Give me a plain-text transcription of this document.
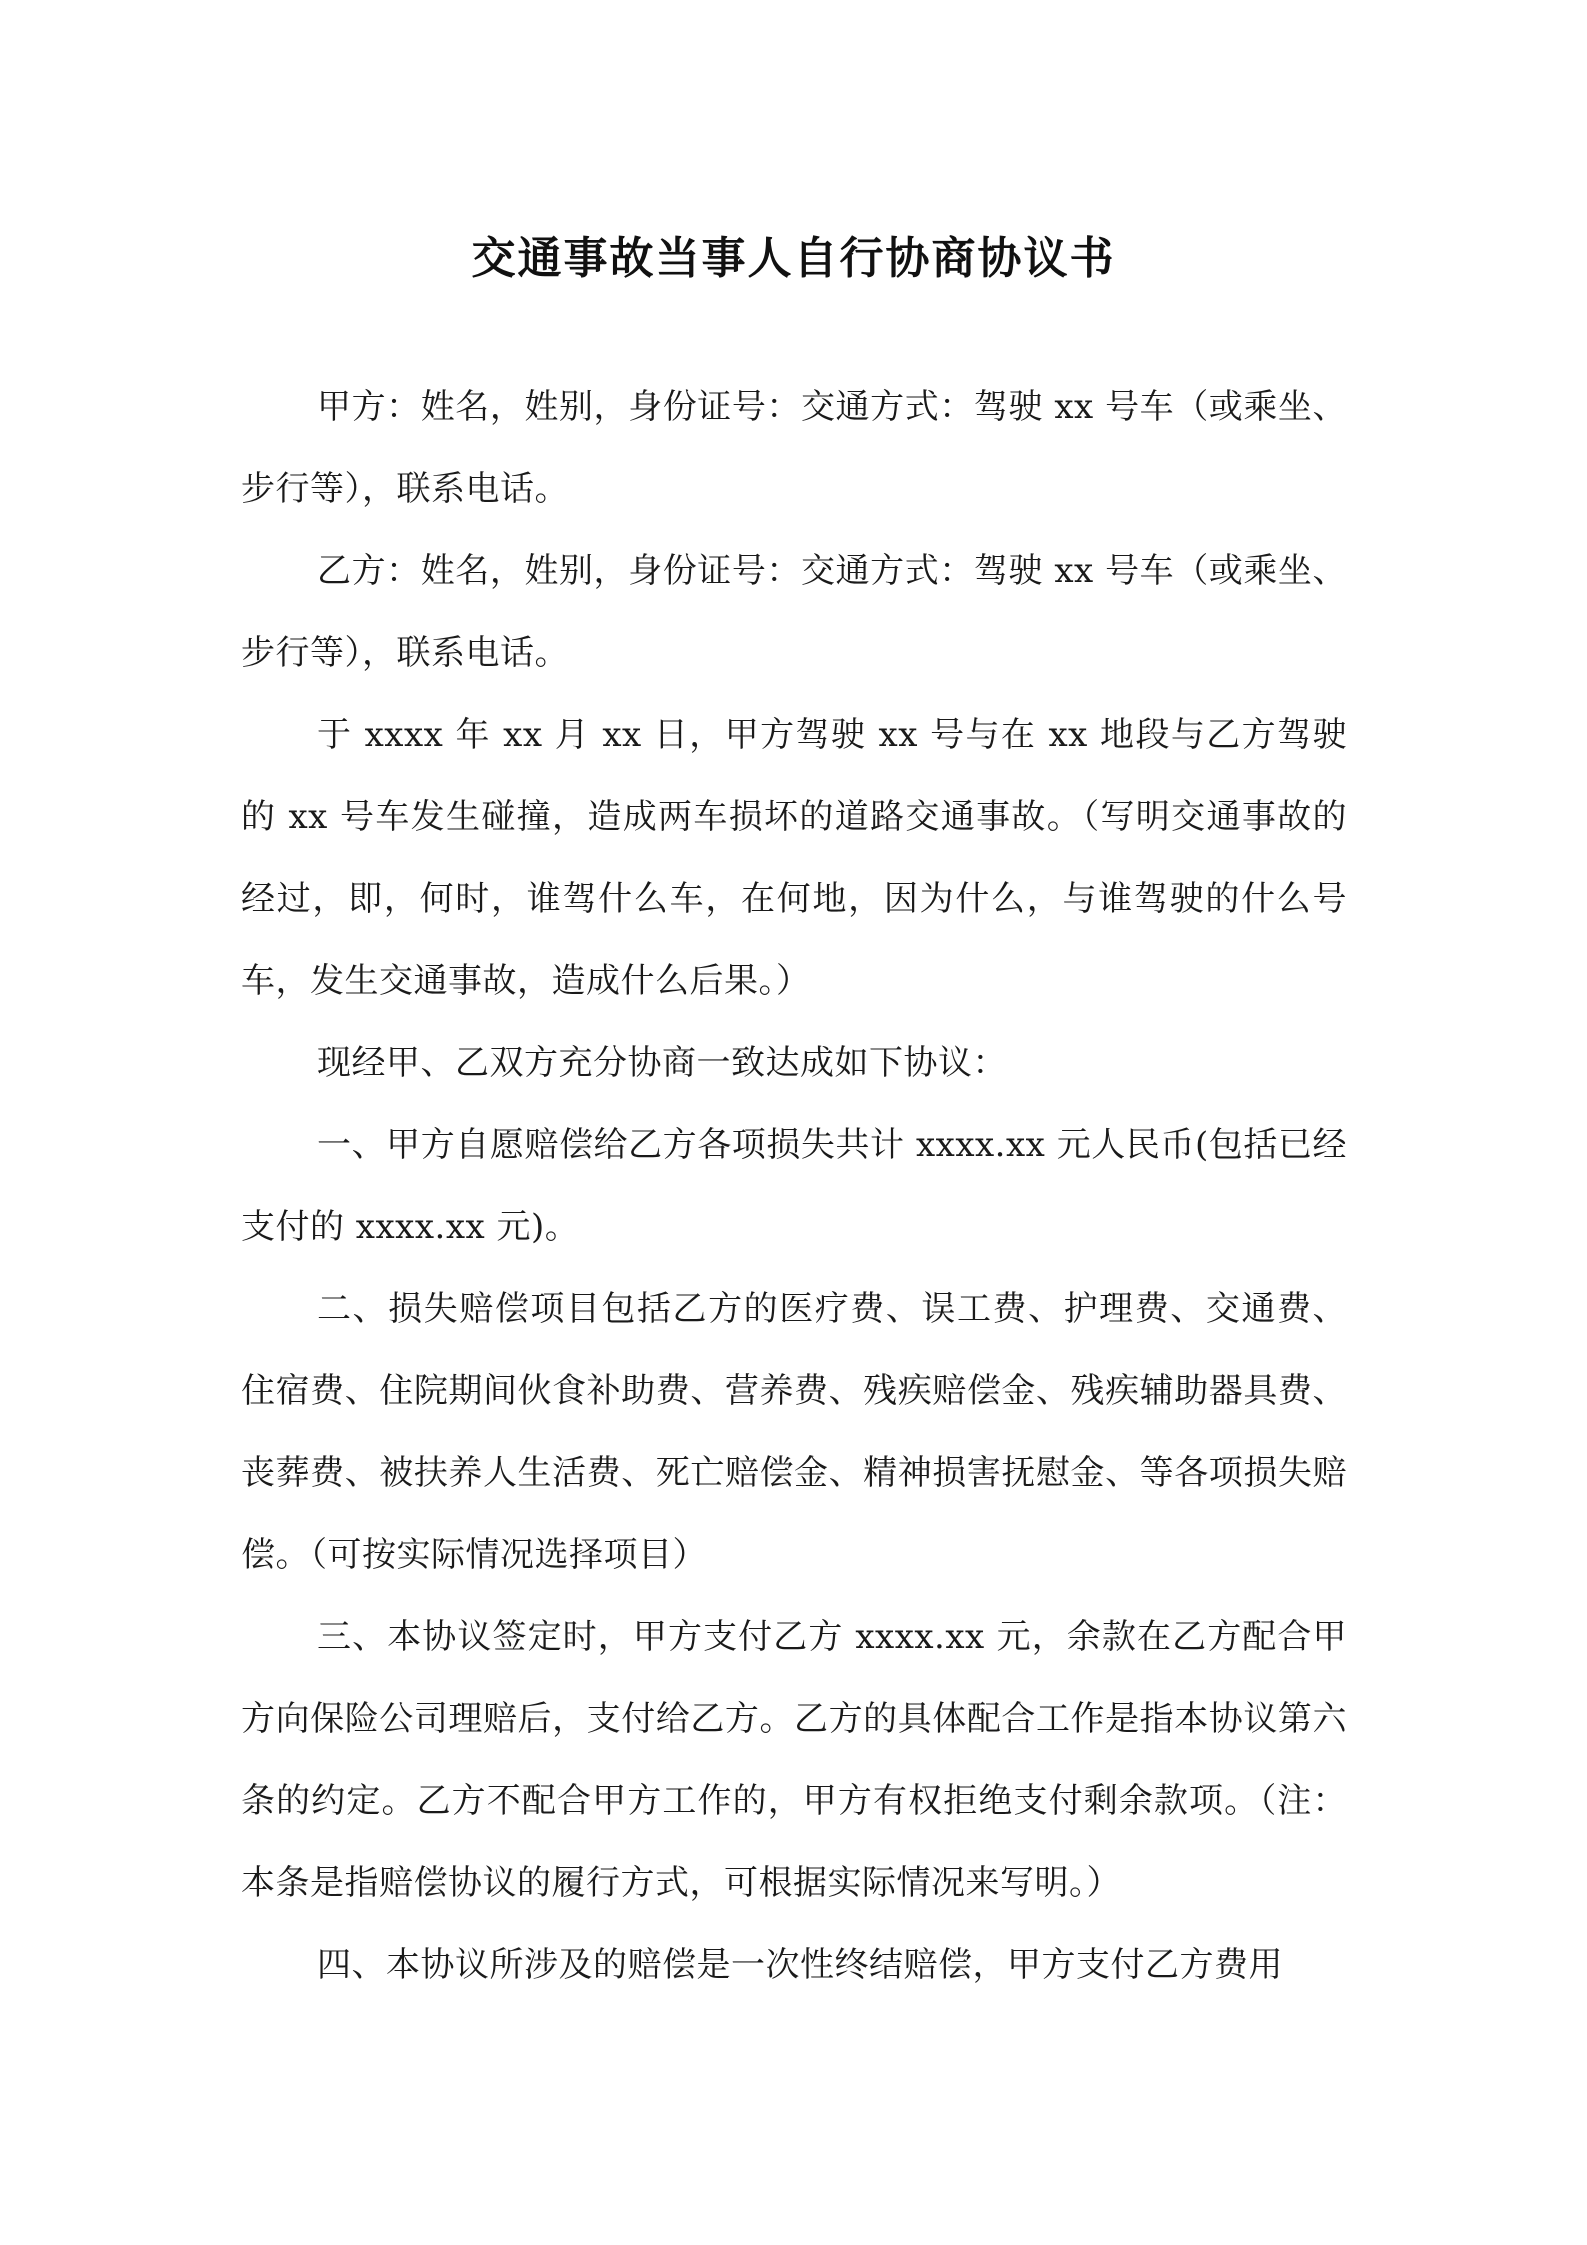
交通事故当事人自行协商协议书

甲方：姓名，姓别，身份证号：交通方式：驾驶 xx 号车（或乘坐、步行等），联系电话。

乙方：姓名，姓别，身份证号：交通方式：驾驶 xx 号车（或乘坐、步行等），联系电话。

于 xxxx 年 xx 月 xx 日，甲方驾驶 xx 号与在 xx 地段与乙方驾驶的 xx 号车发生碰撞，造成两车损坏的道路交通事故。（写明交通事故的经过，即，何时，谁驾什么车，在何地，因为什么，与谁驾驶的什么号车，发生交通事故，造成什么后果。）

现经甲、乙双方充分协商一致达成如下协议：

一、甲方自愿赔偿给乙方各项损失共计 xxxx.xx 元人民币(包括已经支付的 xxxx.xx 元)。

二、损失赔偿项目包括乙方的医疗费、误工费、护理费、交通费、住宿费、住院期间伙食补助费、营养费、残疾赔偿金、残疾辅助器具费、丧葬费、被扶养人生活费、死亡赔偿金、精神损害抚慰金、等各项损失赔偿。（可按实际情况选择项目）

三、本协议签定时，甲方支付乙方 xxxx.xx 元，余款在乙方配合甲方向保险公司理赔后，支付给乙方。乙方的具体配合工作是指本协议第六条的约定。乙方不配合甲方工作的，甲方有权拒绝支付剩余款项。（注：本条是指赔偿协议的履行方式，可根据实际情况来写明。）

四、本协议所涉及的赔偿是一次性终结赔偿，甲方支付乙方费用
